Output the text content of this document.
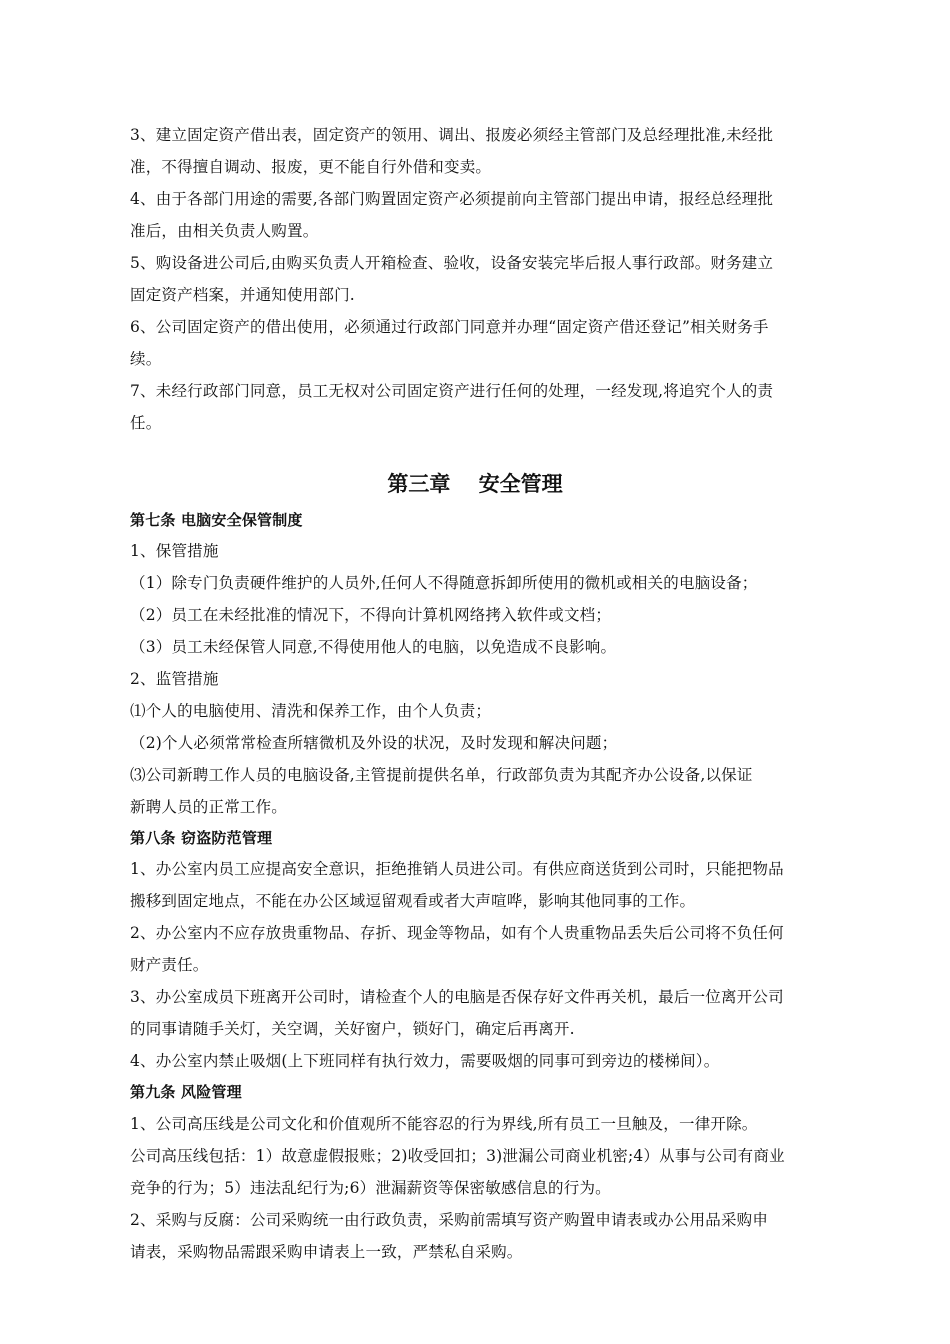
3、建立固定资产借出表，固定资产的领用、调出、报废必须经主管部门及总经理批准,未经批
准，不得擅自调动、报废，更不能自行外借和变卖。
4、由于各部门用途的需要,各部门购置固定资产必须提前向主管部门提出申请，报经总经理批
准后，由相关负责人购置。
5、购设备进公司后,由购买负责人开箱检查、验收，设备安装完毕后报人事行政部。财务建立
固定资产档案，并通知使用部门.
6、公司固定资产的借出使用，必须通过行政部门同意并办理“固定资产借还登记”相关财务手
续。
7、未经行政部门同意，员工无权对公司固定资产进行任何的处理，一经发现,将追究个人的责
任。
第三章　 安全管理
第七条 电脑安全保管制度
1、保管措施
（1）除专门负责硬件维护的人员外,任何人不得随意拆卸所使用的微机或相关的电脑设备；
（2）员工在未经批准的情况下，不得向计算机网络拷入软件或文档；
（3）员工未经保管人同意,不得使用他人的电脑，以免造成不良影响。
2、监管措施
⑴个人的电脑使用、清洗和保养工作，由个人负责；
（2)个人必须常常检查所辖微机及外设的状况，及时发现和解决问题；
⑶公司新聘工作人员的电脑设备,主管提前提供名单，行政部负责为其配齐办公设备,以保证
新聘人员的正常工作。
第八条 窃盗防范管理
1、办公室内员工应提高安全意识，拒绝推销人员进公司。有供应商送货到公司时，只能把物品
搬移到固定地点，不能在办公区域逗留观看或者大声喧哗，影响其他同事的工作。
2、办公室内不应存放贵重物品、存折、现金等物品，如有个人贵重物品丢失后公司将不负任何
财产责任。
3、办公室成员下班离开公司时，请检查个人的电脑是否保存好文件再关机，最后一位离开公司
的同事请随手关灯，关空调，关好窗户，锁好门，确定后再离开.
4、办公室内禁止吸烟(上下班同样有执行效力，需要吸烟的同事可到旁边的楼梯间）。
第九条 风险管理
1、公司高压线是公司文化和价值观所不能容忍的行为界线,所有员工一旦触及，一律开除。
公司高压线包括：1）故意虚假报账；2)收受回扣；3)泄漏公司商业机密;4）从事与公司有商业
竞争的行为；5）违法乱纪行为;6）泄漏薪资等保密敏感信息的行为。
2、采购与反腐：公司采购统一由行政负责，采购前需填写资产购置申请表或办公用品采购申
请表，采购物品需跟采购申请表上一致，严禁私自采购。
